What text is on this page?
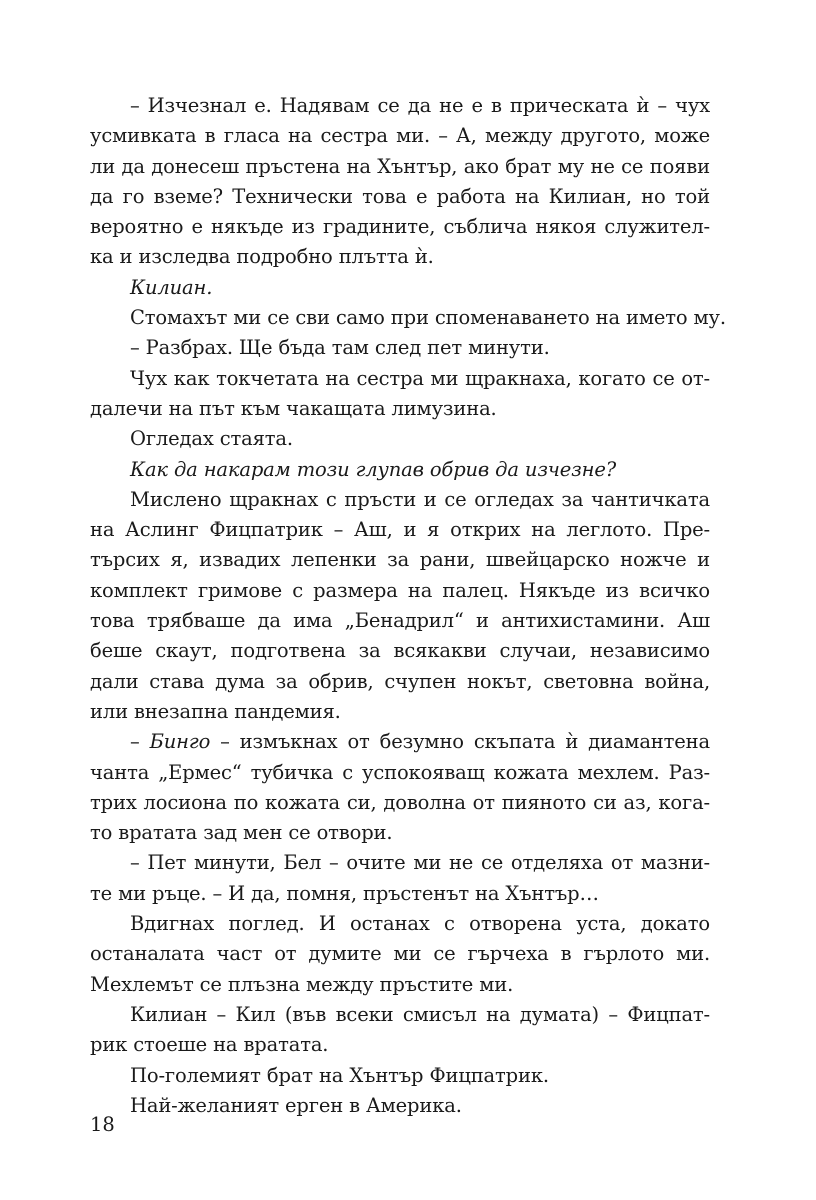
– Изчезнал е. Надявам се да не е в прическата ѝ – чух
усмивката в гласа на сестра ми. – А, между другото, може
ли да донесеш пръстена на Хънтър, ако брат му не се появи
да го вземе? Технически това е работа на Килиан, но той
вероятно е някъде из градините, съблича някоя служител-
ка и изследва подробно плътта ѝ.
Килиан.
Стомахът ми се сви само при споменаването на името му.
– Разбрах. Ще бъда там след пет минути.
Чух как токчетата на сестра ми щракнаха, когато се от-
далечи на път към чакащата лимузина.
Огледах стаята.
Как да накарам този глупав обрив да изчезне?
Мислено щракнах с пръсти и се огледах за чантичката
на Аслинг Фицпатрик – Аш, и я открих на леглото. Пре-
търсих я, извадих лепенки за рани, швейцарско ножче и
комплект гримове с размера на палец. Някъде из всичко
това трябваше да има „Бенадрил“ и антихистамини. Аш
беше скаут, подготвена за всякакви случаи, независимо
дали става дума за обрив, счупен нокът, световна война,
или внезапна пандемия.
– Бинго – измъкнах от безумно скъпата ѝ диамантена
чанта „Ермес“ тубичка с успокояващ кожата мехлем. Раз-
трих лосиона по кожата си, доволна от пияното си аз, кога-
то вратата зад мен се отвори.
– Пет минути, Бел – очите ми не се отделяха от мазни-
те ми ръце. – И да, помня, пръстенът на Хънтър…
Вдигнах поглед. И останах с отворена уста, докато
останалата част от думите ми се гърчеха в гърлото ми.
Мехлемът се плъзна между пръстите ми.
Килиан – Кил (във всеки смисъл на думата) – Фицпат-
рик стоеше на вратата.
По-големият брат на Хънтър Фицпатрик.
Най-желаният ерген в Америка.
18
